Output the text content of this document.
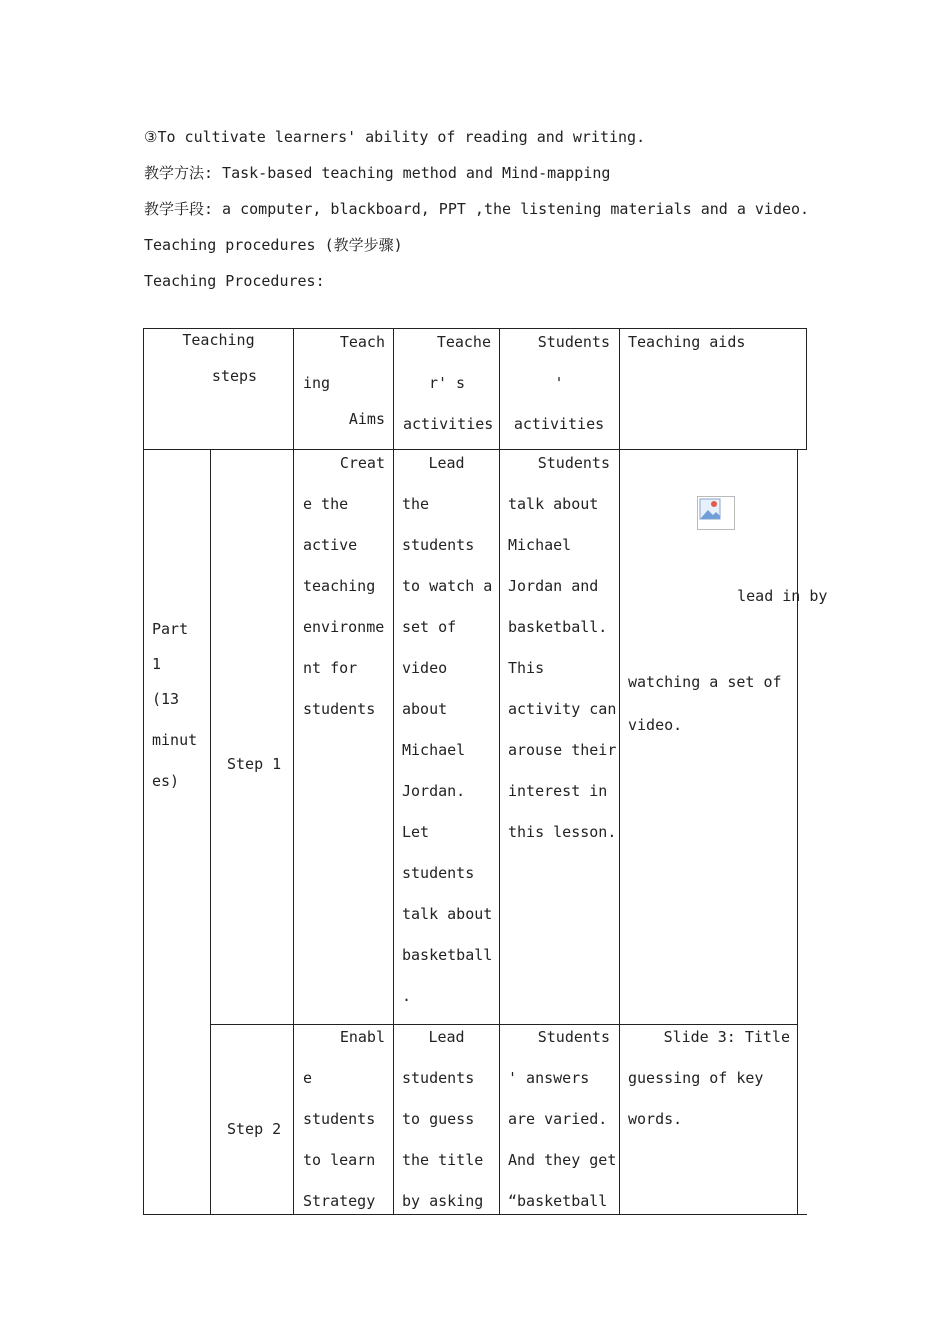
③To cultivate learners' ability of reading and writing.
教学方法: Task-based teaching method and Mind-mapping
教学手段: a computer, blackboard, PPT ,the listening materials and a video.
Teaching procedures (教学步骤)
Teaching Procedures:
Teaching
steps
Teach
ing
Aims
Teache
r' s
activities
Students
'
activities
Teaching aids
Part
1
(13
minut
es)
Step 1
Creat
e the
active
teaching
environme
nt for
students
Lead
the
students
to watch a
set of
video
about
Michael
Jordan.
Let
students
talk about
basketball
.
Students
talk about
Michael
Jordan and
basketball.
This
activity can
arouse their
interest in
this lesson.

lead in by

watching a set of
video.
Step 2
Enabl
e
students
to learn
Strategy
Lead
students
to guess
the title
by asking
Students
' answers
are varied.
And they get
“basketball
Slide 3: Title
guessing of key
words.
